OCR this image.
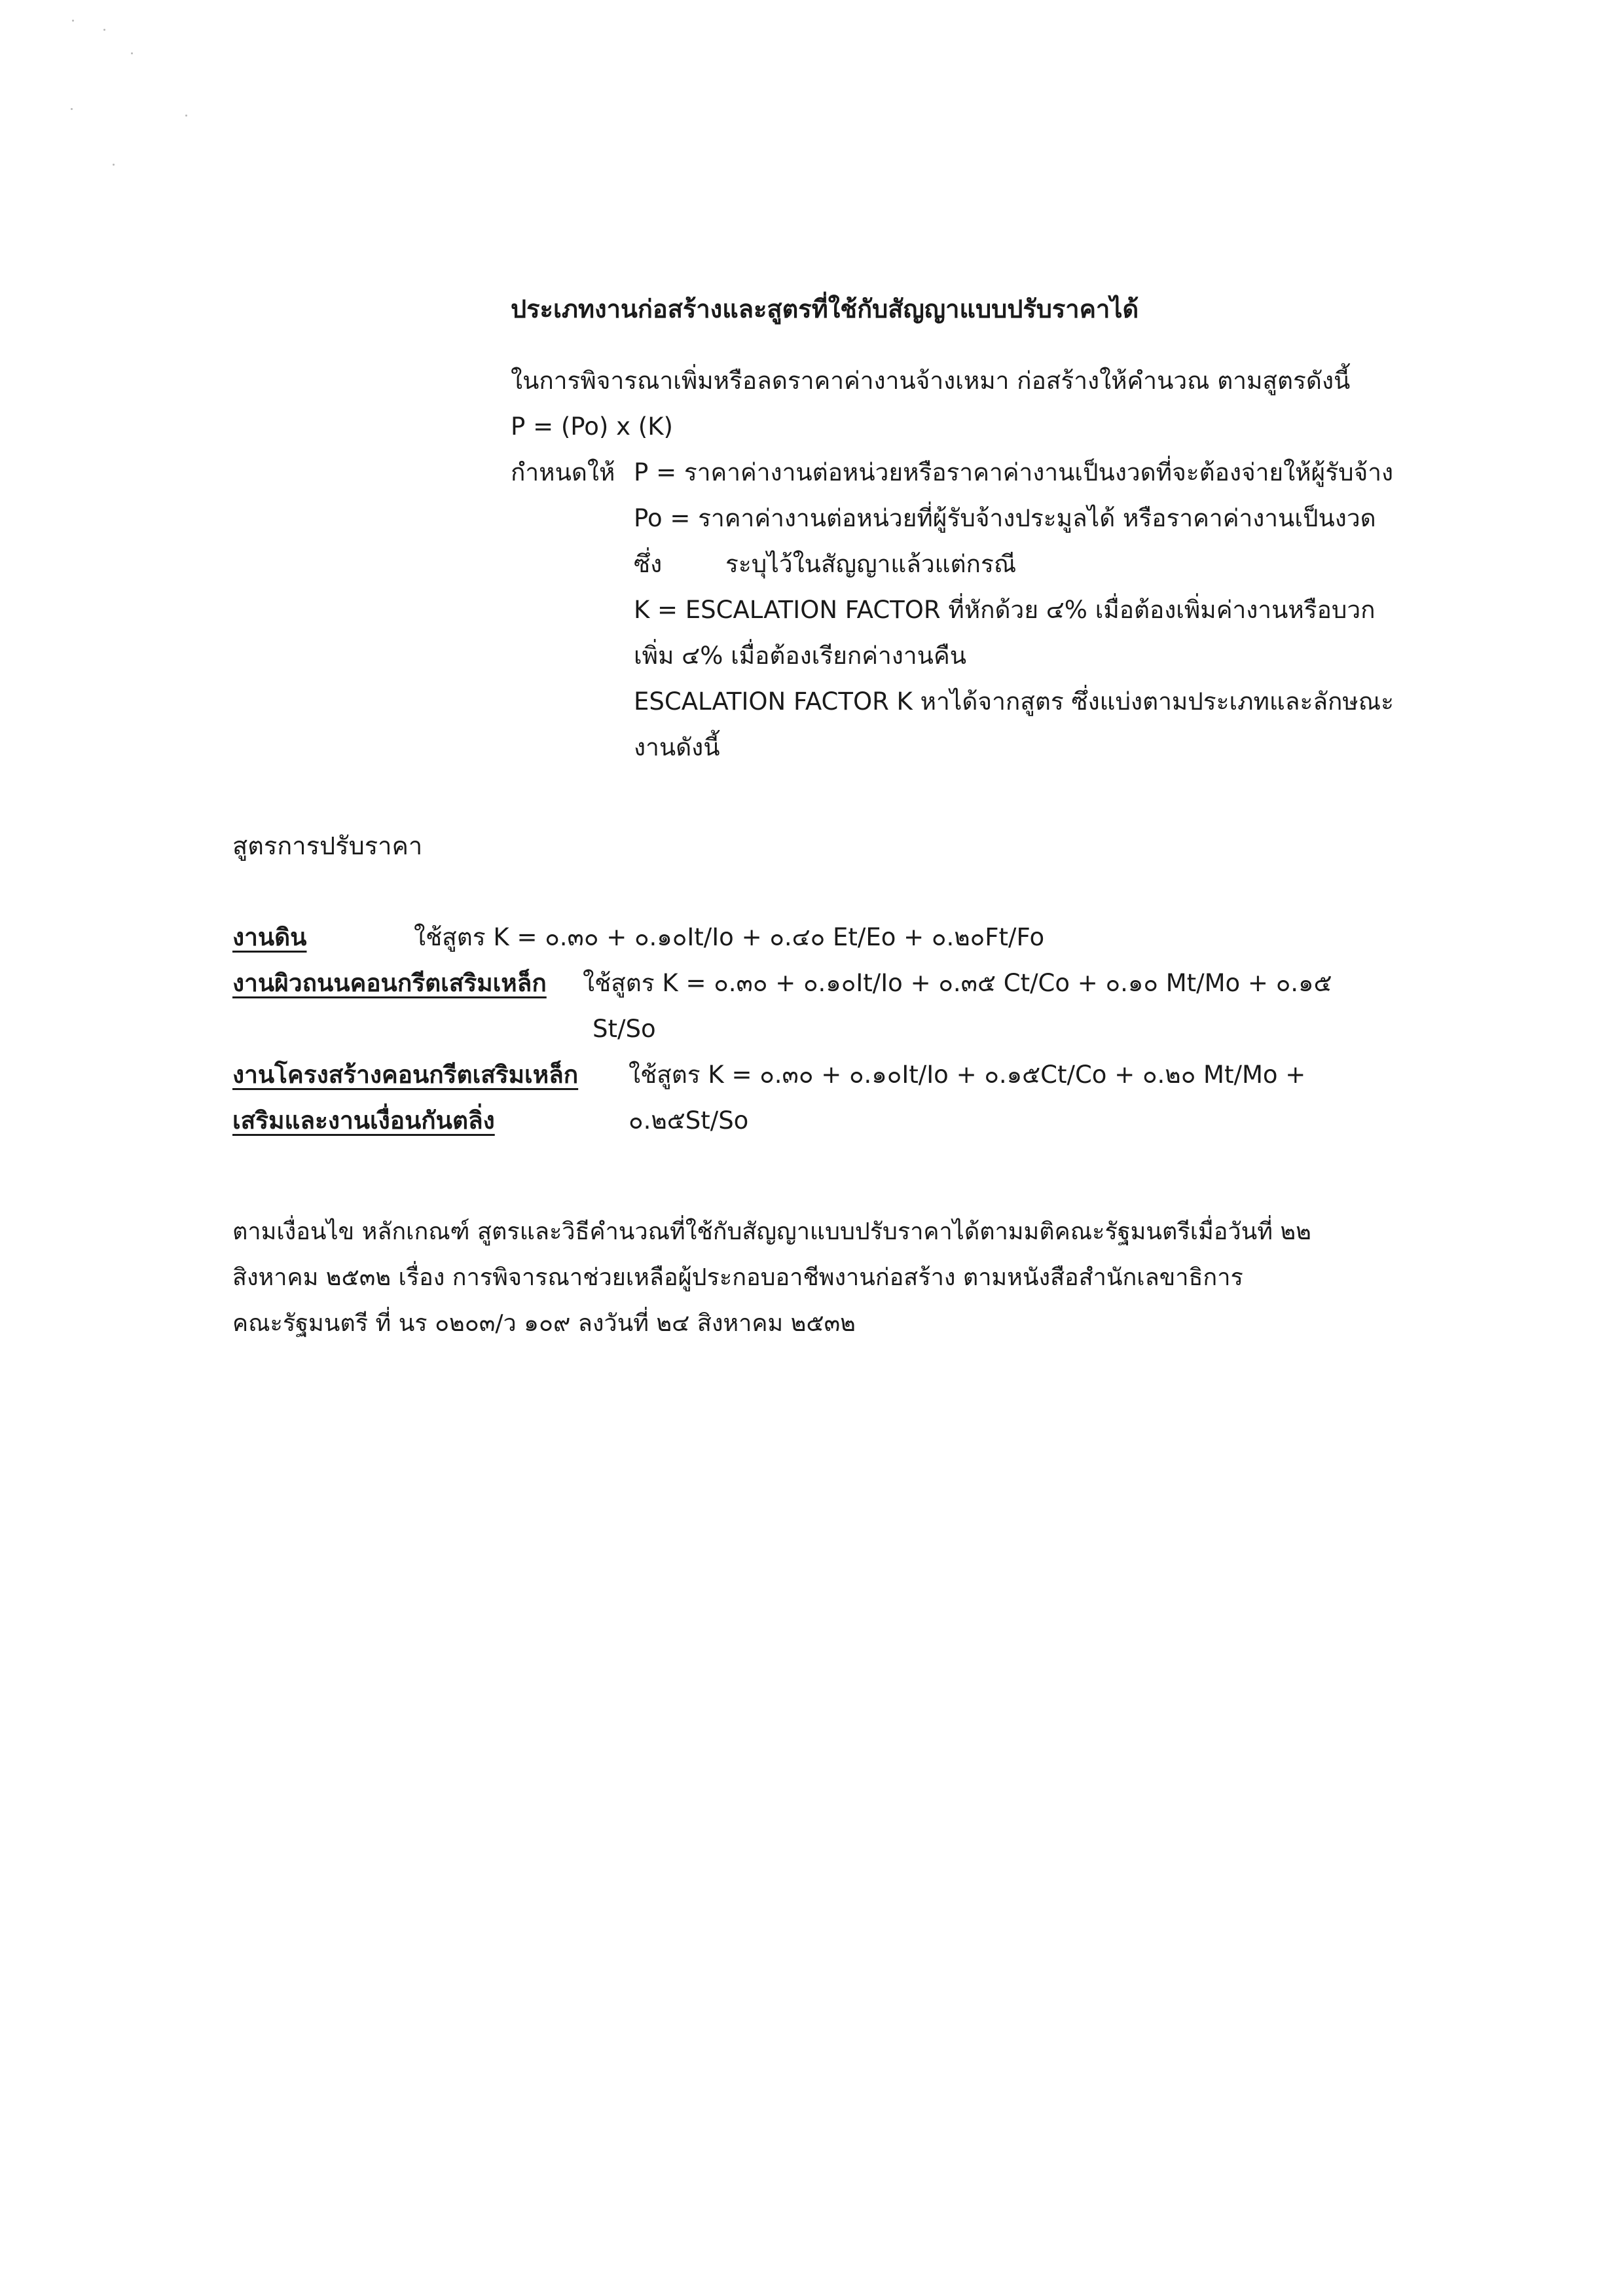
ประเภทงานก่อสร้างและสูตรที่ใช้กับสัญญาแบบปรับราคาได้
ในการพิจารณาเพิ่มหรือลดราคาค่างานจ้างเหมา ก่อสร้างให้คำนวณ ตามสูตรดังนี้
P = (Po) x (K)
กำหนดให้ P = ราคาค่างานต่อหน่วยหรือราคาค่างานเป็นงวดที่จะต้องจ่ายให้ผู้รับจ้าง
Po = ราคาค่างานต่อหน่วยที่ผู้รับจ้างประมูลได้ หรือราคาค่างานเป็นงวด
ซึ่ง	ระบุไว้ในสัญญาแล้วแต่กรณี
K = ESCALATION FACTOR ที่หักด้วย ๔% เมื่อต้องเพิ่มค่างานหรือบวก
เพิ่ม ๔% เมื่อต้องเรียกค่างานคืน
ESCALATION FACTOR K หาได้จากสูตร ซึ่งแบ่งตามประเภทและลักษณะ
งานดังนี้
สูตรการปรับราคา
งานดิน	ใช้สูตร K = ๐.๓๐ + ๐.๑๐It/Io + ๐.๔๐ Et/Eo + ๐.๒๐Ft/Fo
งานผิวถนนคอนกรีตเสริมเหล็ก ใช้สูตร K = ๐.๓๐ + ๐.๑๐It/Io + ๐.๓๕ Ct/Co + ๐.๑๐ Mt/Mo + ๐.๑๕
St/So
งานโครงสร้างคอนกรีตเสริมเหล็ก ใช้สูตร K = ๐.๓๐ + ๐.๑๐It/Io + ๐.๑๕Ct/Co + ๐.๒๐ Mt/Mo +
เสริมและงานเงื่อนกันตลิ่ง	๐.๒๕St/So
ตามเงื่อนไข หลักเกณฑ์ สูตรและวิธีคำนวณที่ใช้กับสัญญาแบบปรับราคาได้ตามมติคณะรัฐมนตรีเมื่อวันที่ ๒๒
สิงหาคม ๒๕๓๒ เรื่อง การพิจารณาช่วยเหลือผู้ประกอบอาชีพงานก่อสร้าง ตามหนังสือสำนักเลขาธิการ
คณะรัฐมนตรี ที่ นร ๐๒๐๓/ว ๑๐๙ ลงวันที่ ๒๔ สิงหาคม ๒๕๓๒
